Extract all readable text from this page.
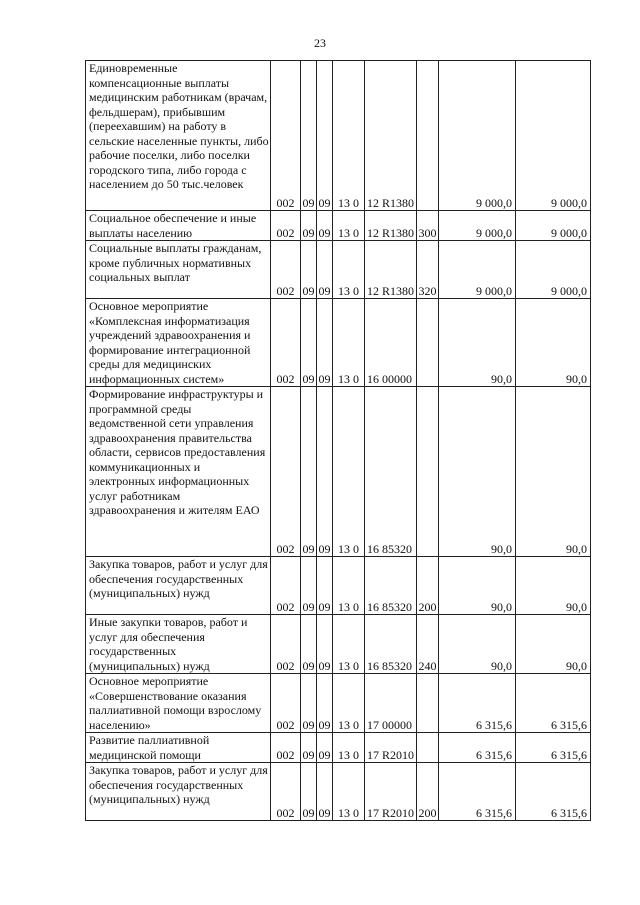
23
Единовременные компенсационные выплаты медицинским работникам (врачам, фельдшерам), прибывшим (переехавшим) на работу в сельские населенные пункты, либо рабочие поселки, либо поселки городского типа, либо города с населением до 50 тыс.человек	002	09	09	13 0	12 R1380		9 000,0	9 000,0
Социальное обеспечение и иные выплаты населению	002	09	09	13 0	12 R1380	300	9 000,0	9 000,0
Социальные выплаты гражданам, кроме публичных нормативных социальных выплат	002	09	09	13 0	12 R1380	320	9 000,0	9 000,0
Основное мероприятие «Комплексная информатизация учреждений здравоохранения и формирование интеграционной среды для медицинских информационных систем»	002	09	09	13 0	16 00000		90,0	90,0
Формирование инфраструктуры и программной среды ведомственной сети управления здравоохранения правительства области, сервисов предоставления коммуникационных и электронных информационных услуг работникам здравоохранения и жителям ЕАО	002	09	09	13 0	16 85320		90,0	90,0
Закупка товаров, работ и услуг для обеспечения государственных (муниципальных) нужд	002	09	09	13 0	16 85320	200	90,0	90,0
Иные закупки товаров, работ и услуг для обеспечения государственных (муниципальных) нужд	002	09	09	13 0	16 85320	240	90,0	90,0
Основное мероприятие «Совершенствование оказания паллиативной помощи взрослому населению»	002	09	09	13 0	17 00000		6 315,6	6 315,6
Развитие паллиативной медицинской помощи	002	09	09	13 0	17 R2010		6 315,6	6 315,6
Закупка товаров, работ и услуг для обеспечения государственных (муниципальных) нужд	002	09	09	13 0	17 R2010	200	6 315,6	6 315,6
